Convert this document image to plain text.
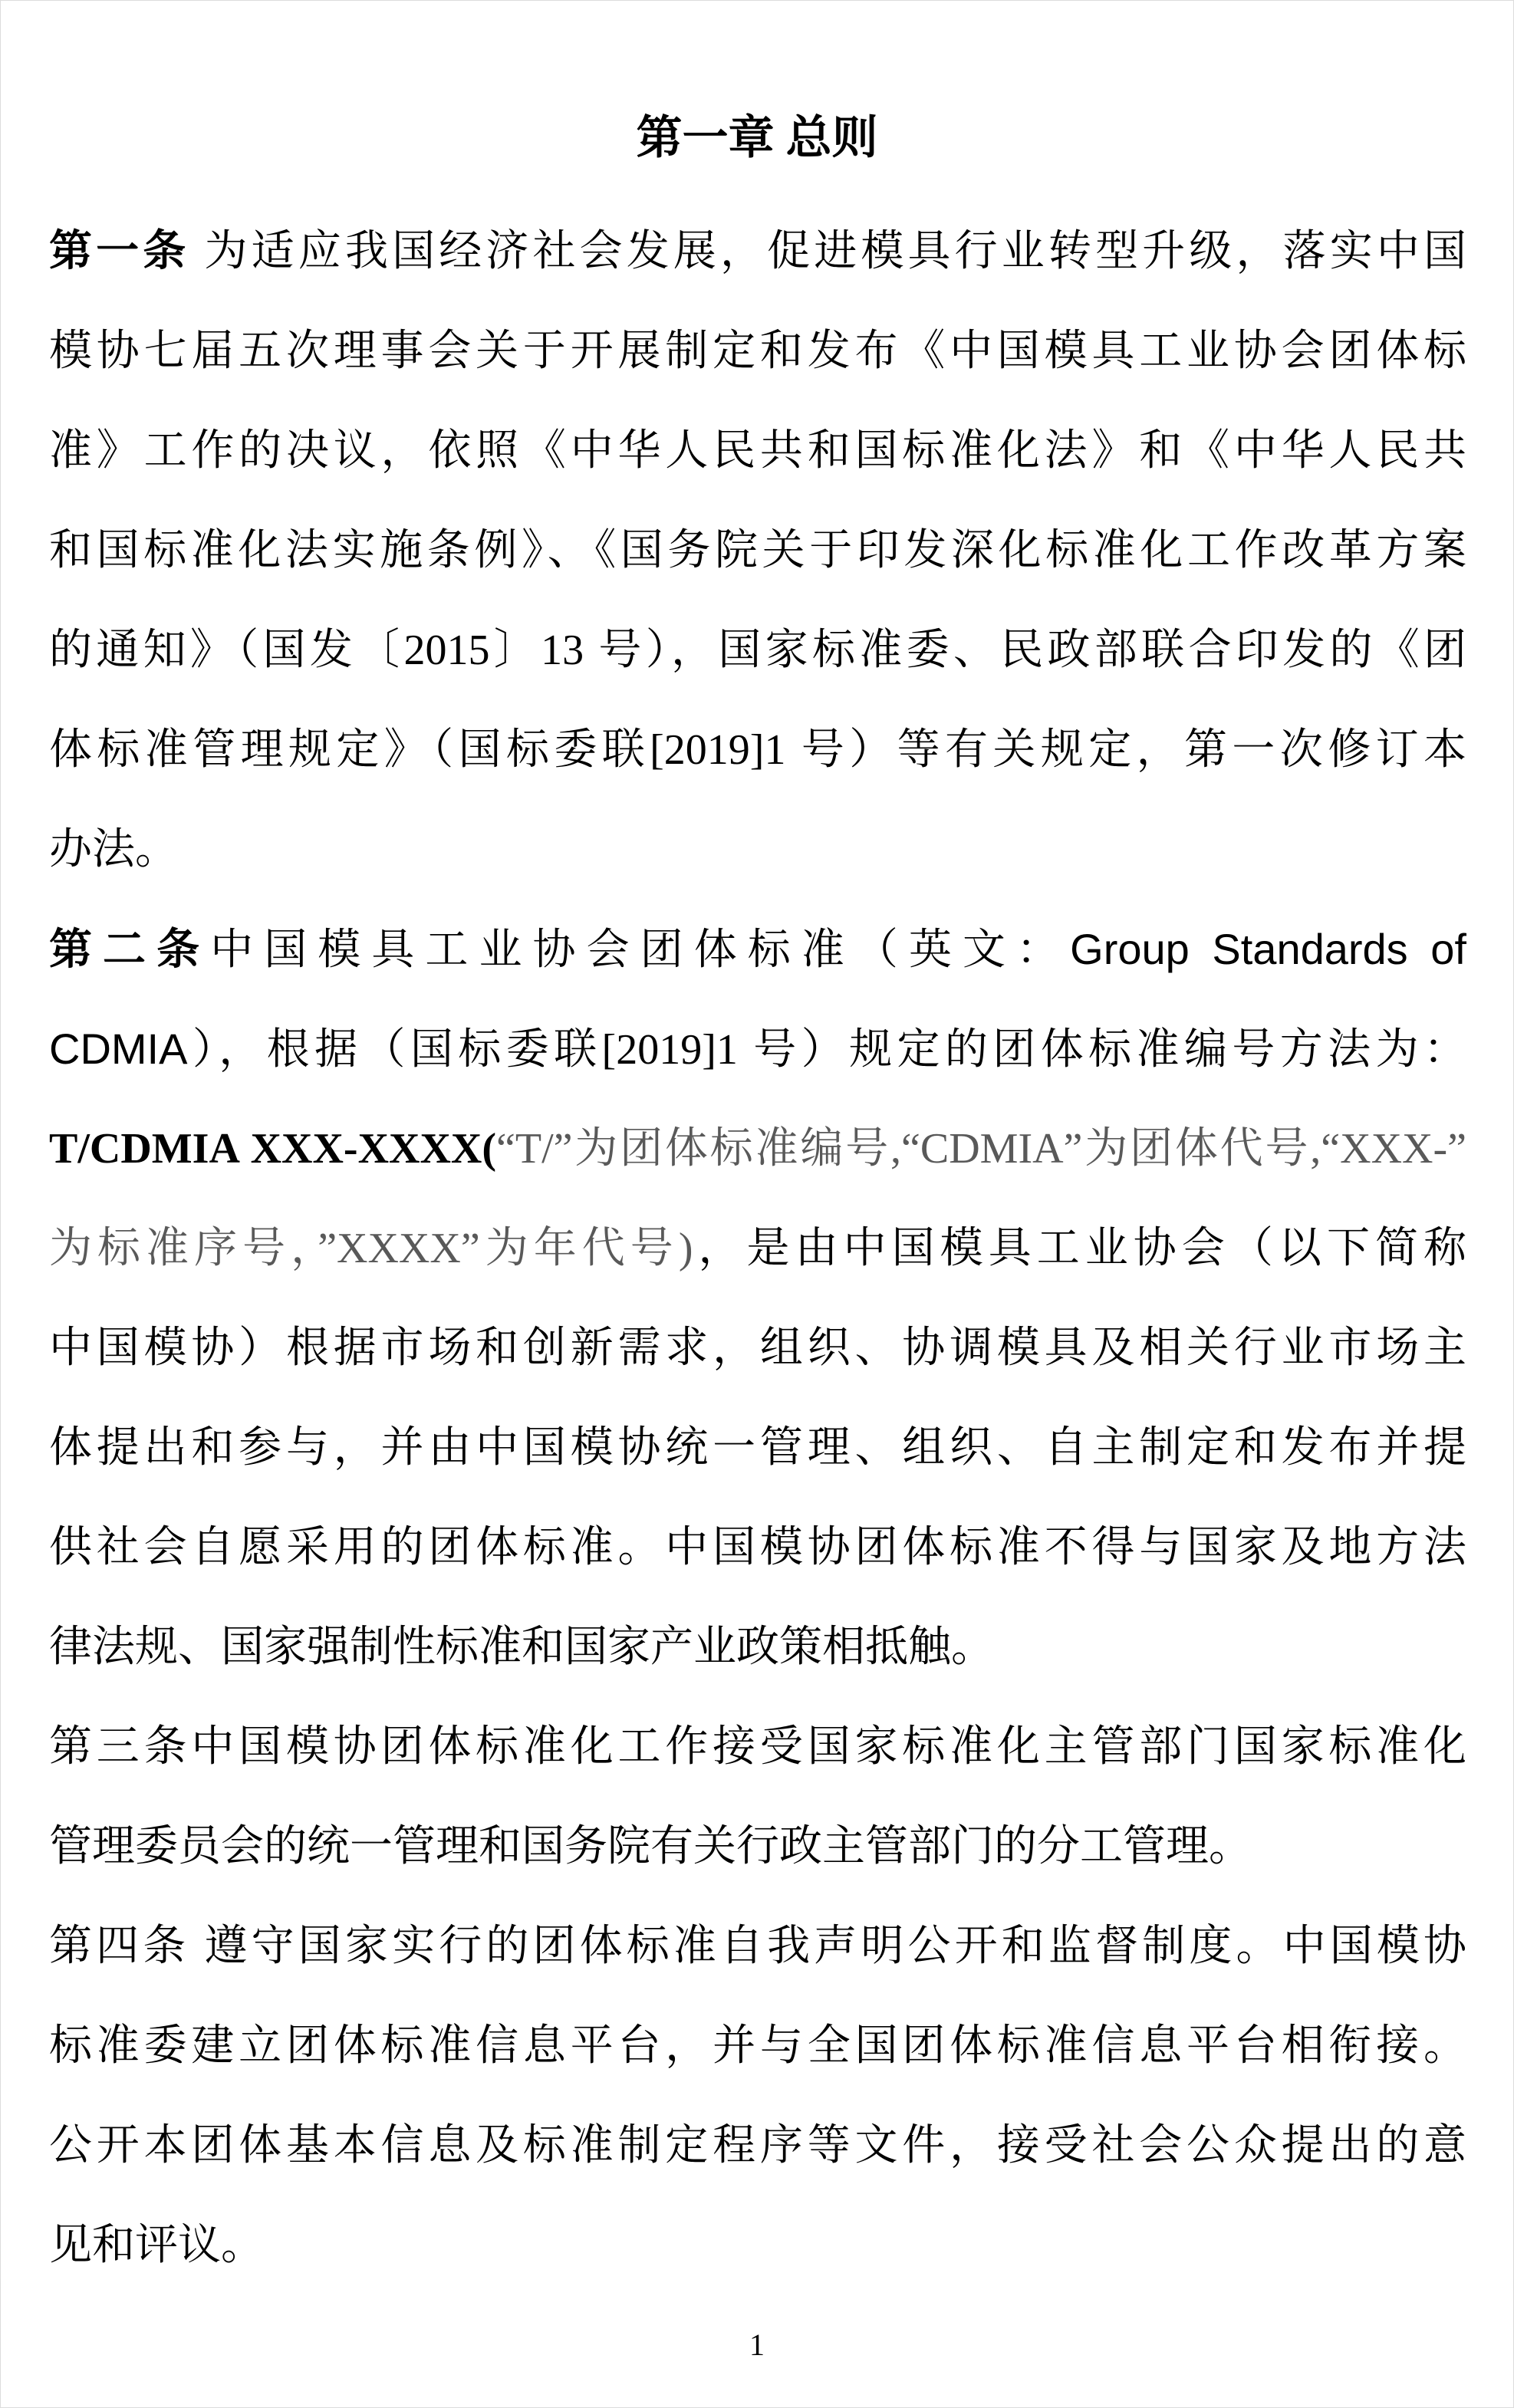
第一章 总则
第一条 为适应我国经济社会发展，促进模具行业转型升级，落实中国
模协七届五次理事会关于开展制定和发布《中国模具工业协会团体标
准》工作的决议，依照《中华人民共和国标准化法》和《中华人民共
和国标准化法实施条例》、《国务院关于印发深化标准化工作改革方案
的通知》（国发〔2015〕13 号），国家标准委、民政部联合印发的《团
体标准管理规定》（国标委联[2019]1 号）等有关规定，第一次修订本
办法。
第二条中国模具工业协会团体标准（英文：Group Standards of
CDMIA），根据（国标委联[2019]1 号）规定的团体标准编号方法为：
T/CDMIA XXX-XXXX(“T/”为团体标准编号,“CDMIA”为团体代号,“XXX-”
为标准序号，”XXXX”为年代号)，是由中国模具工业协会（以下简称
中国模协）根据市场和创新需求，组织、协调模具及相关行业市场主
体提出和参与，并由中国模协统一管理、组织、自主制定和发布并提
供社会自愿采用的团体标准。中国模协团体标准不得与国家及地方法
律法规、国家强制性标准和国家产业政策相抵触。
第三条中国模协团体标准化工作接受国家标准化主管部门国家标准化
管理委员会的统一管理和国务院有关行政主管部门的分工管理。
第四条 遵守国家实行的团体标准自我声明公开和监督制度。中国模协
标准委建立团体标准信息平台，并与全国团体标准信息平台相衔接。
公开本团体基本信息及标准制定程序等文件，接受社会公众提出的意
见和评议。
1
